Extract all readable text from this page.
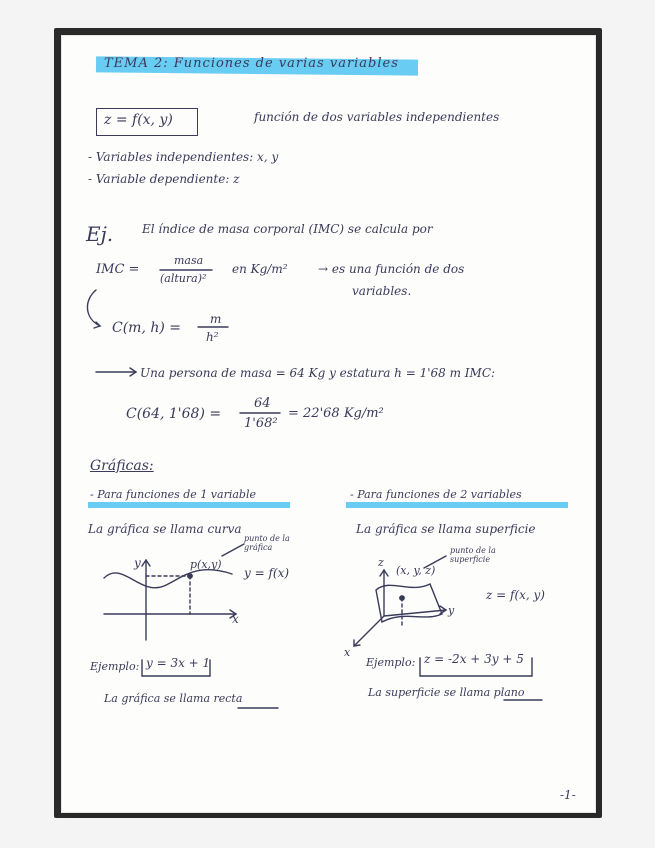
TEMA 2: Funciones de varias variables
z = f(x, y)	función de dos variables independientes
- Variables independientes: x, y
- Variable dependiente: z
Ej. El índice de masa corporal (IMC) se calcula por
IMC =
masa
(altura)²
en Kg/m²	→ es una función de dos
variables.
C(m, h) =
m
h²
Una persona de masa = 64 Kg y estatura h = 1'68 m IMC:
C(64, 1'68) =
64
1'68²
= 22'68 Kg/m²
Gráficas:
- Para funciones de 1 variable
La gráfica se llama curva
- Para funciones de 2 variables
La gráfica se llama superficie
punto de la gráfica
p(x,y)
y = f(x)
x
y
Ejemplo: y = 3x + 1
La gráfica se llama recta
(x, y, z)
punto de la superficie
z = f(x, y)
x
y
z
Ejemplo: z = -2x + 3y + 5
La superficie se llama plano
-1-
